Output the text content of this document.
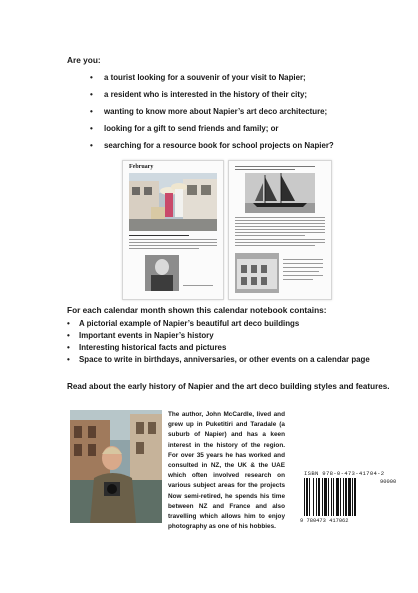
Are you:
• a tourist looking for a souvenir of your visit to Napier;
• a resident who is interested in the history of their city;
• wanting to know more about Napier’s art deco architecture;
• looking for a gift to send friends and family; or
• searching for a resource book for school projects on Napier?
February
For each calendar month shown this calendar notebook contains:
• A pictorial example of Napier’s beautiful art deco buildings
• Important events in Napier’s history
• Interesting historical facts and pictures
• Space to write in birthdays, anniversaries, or other events on a calendar page
Read about the early history of Napier and the art deco building styles and features.
The author, John McCardle, lived and grew up in Puketitiri and Taradale (a suburb of Napier) and has a keen interest in the history of the region. For over 35 years he has worked and consulted in NZ, the UK & the UAE which often involved research on various subject areas for the projects Now semi-retired, he spends his time between NZ and France and also travelling which allows him to enjoy photography as one of his hobbies.
ISBN 978-0-473-41704-2
90000
9 780473 417062
